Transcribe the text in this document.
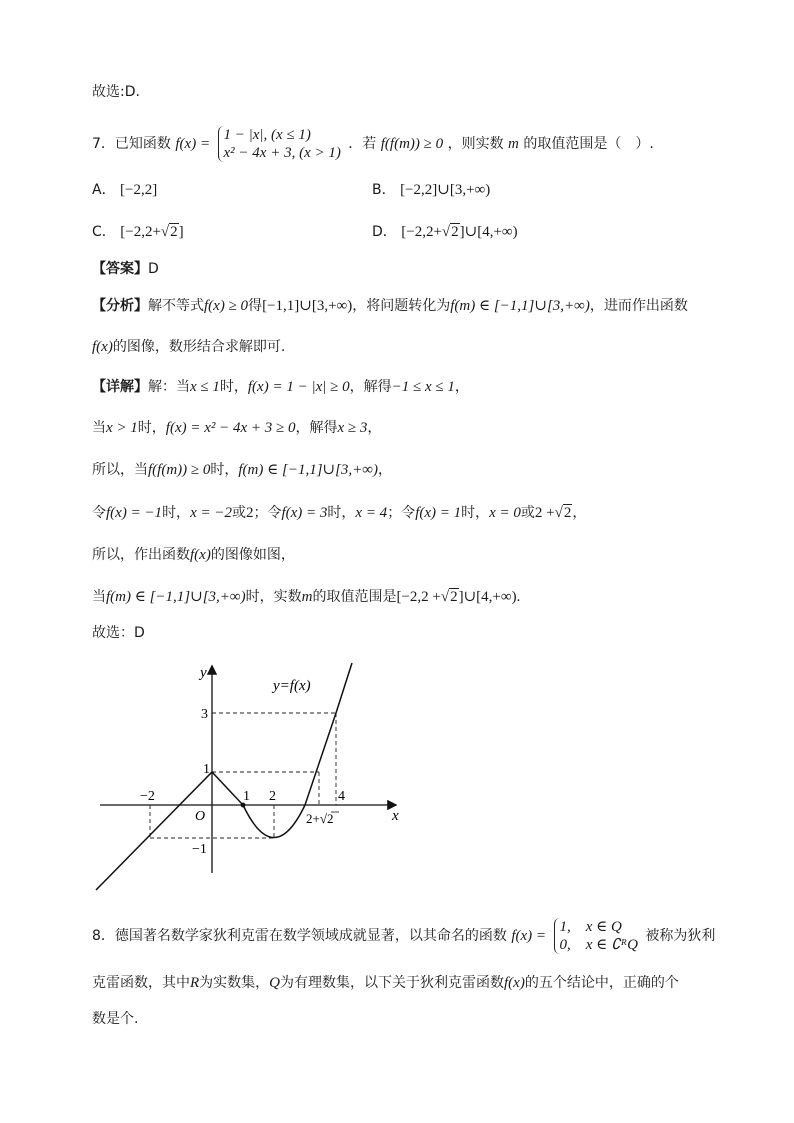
故选:D.
7．已知函数 f(x) =
1 − |x|, (x ≤ 1)
x² − 4x + 3, (x > 1)
．若 f(f(m)) ≥ 0 ，则实数 m 的取值范围是（　）.
A． [−2,2]	B． [−2,2]∪[3,+∞)
C． [−2,2+√2]	D． [−2,2+√2]∪[4,+∞)
【答案】D
【分析】解不等式f(x) ≥ 0得[−1,1]∪[3,+∞)，将问题转化为f(m) ∈ [−1,1]∪[3,+∞)，进而作出函数
f(x)的图像，数形结合求解即可.
【详解】解：当x ≤ 1时，f(x) = 1 − |x| ≥ 0，解得−1 ≤ x ≤ 1，
当x > 1时，f(x) = x² − 4x + 3 ≥ 0，解得x ≥ 3，
所以，当f(f(m)) ≥ 0时，f(m) ∈ [−1,1]∪[3,+∞)，
令f(x) = −1时，x = −2或2；令f(x) = 3时，x = 4；令f(x) = 1时，x = 0或2 +√2，
所以，作出函数f(x)的图像如图，
当f(m) ∈ [−1,1]∪[3,+∞)时，实数m的取值范围是[−2,2 +√2]∪[4,+∞).
故选：D
y
x
O
y=f(x)
3
1
−1
−2	1 2	4
2+√2
8．德国著名数学家狄利克雷在数学领域成就显著，以其命名的函数 f(x) =
1,　x ∈ Q
0,　x ∈ ∁ᴿQ
被称为狄利
克雷函数，其中R为实数集，Q为有理数集，以下关于狄利克雷函数f(x)的五个结论中，正确的个
数是个.
